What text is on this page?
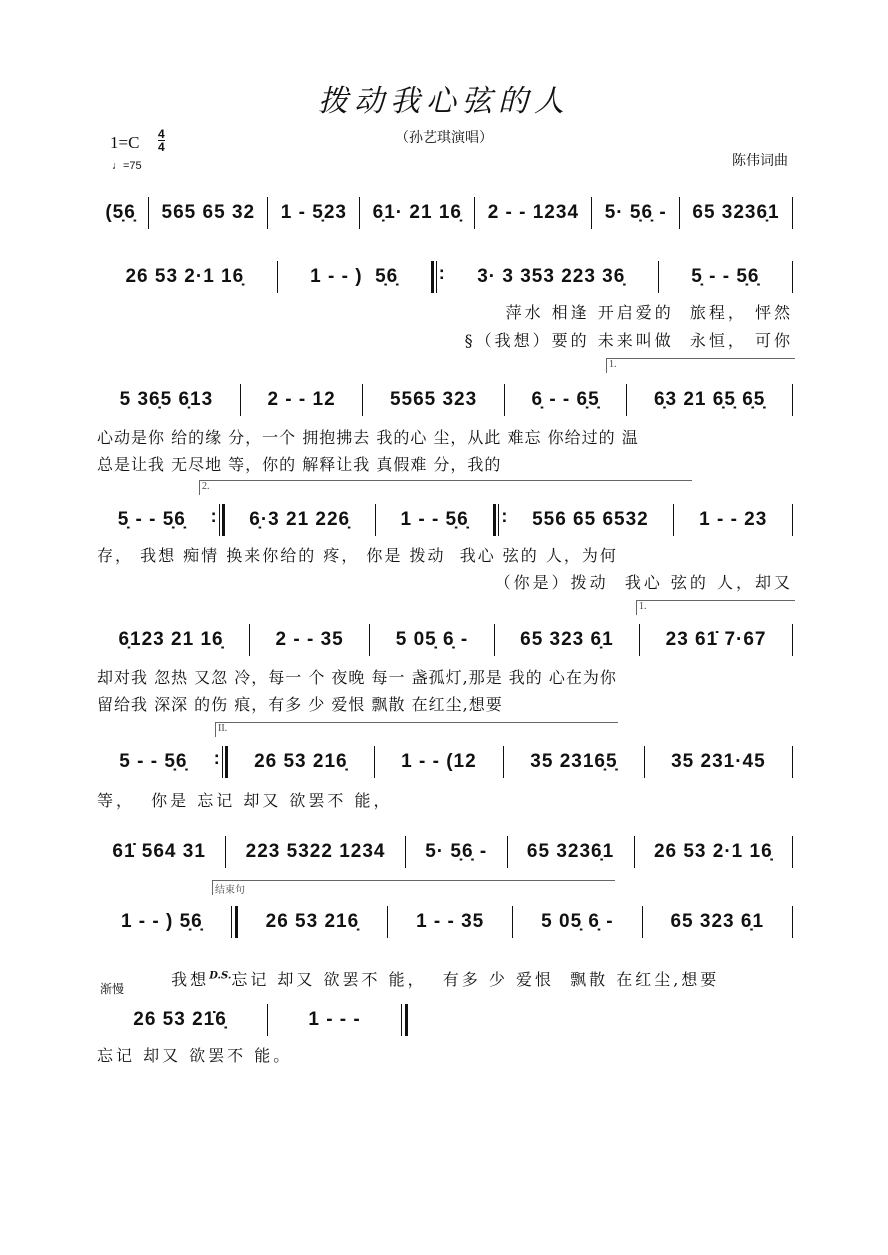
拨动我心弦的人
（孙艺琪演唱）
1=C 4
4
♩=75	陈伟词曲
(5̣6̣	565 65 32	1 - 5̣23	6̣1· 21 16̣	2 - - 1234	5· 5̣6̣ -	65 3236̣1
26 53 2·1 16̣	1 - - )  5̣6̣ :	3· 3 353 223 36̣	5̣ - - 5̣6̣
萍水 相逢 开启爱的  旅程， 怦然
§（我想）要的 未来叫做  永恒， 可你
1.
5 36̣5 6̣13	2 - - 12	5565 323	6̣ - - 6̣5̣	6̣3 21 6̣5̣ 6̣5̣
心动是你 给的缘 分，一个 拥抱拂去 我的心 尘，从此 难忘 你给过的 温
总是让我 无尽地 等，你的 解释让我 真假难 分，我的
2.
5̣ - - 5̣6̣ :	6̣·3 21 226̣	1 - - 5̣6̣ :	556 65 6532	1 - - 23
存， 我想 痴情 换来你给的 疼， 你是 拨动  我心 弦的 人，为何
（你是）拨动  我心 弦的 人，却又
1.
6̣123 21 16̣	2 - - 35	5 05̣ 6̣ -	65 323 6̣1	23 61̇ 7·67
却对我 忽热 又忽 冷，每一 个 夜晚 每一 盏孤灯,那是 我的 心在为你
留给我 深深 的伤 痕，有多 少 爱恨 飘散 在红尘,想要
II.
5 - - 5̣6̣ :	26 53 216̣	1 - - (12	35 2316̣5̣	35 231·45
等，  你是 忘记 却又 欲罢不 能，
61̇ 564 31	223 5322 1234	5· 5̣6̣ -	65 3236̣1	26 53 2·1 16̣
结束句
1 - - ) 5̣6̣	26 53 216̣	1 - - 35	5 05̣ 6̣ -	65 323 6̣1

我想$^{D.S.}$忘记 却又 欲罢不 能，  有多 少 爱恨  飘散 在红尘,想要

渐慢
26 53 21̇6̣	1 - - -
忘记 却又 欲罢不 能。
